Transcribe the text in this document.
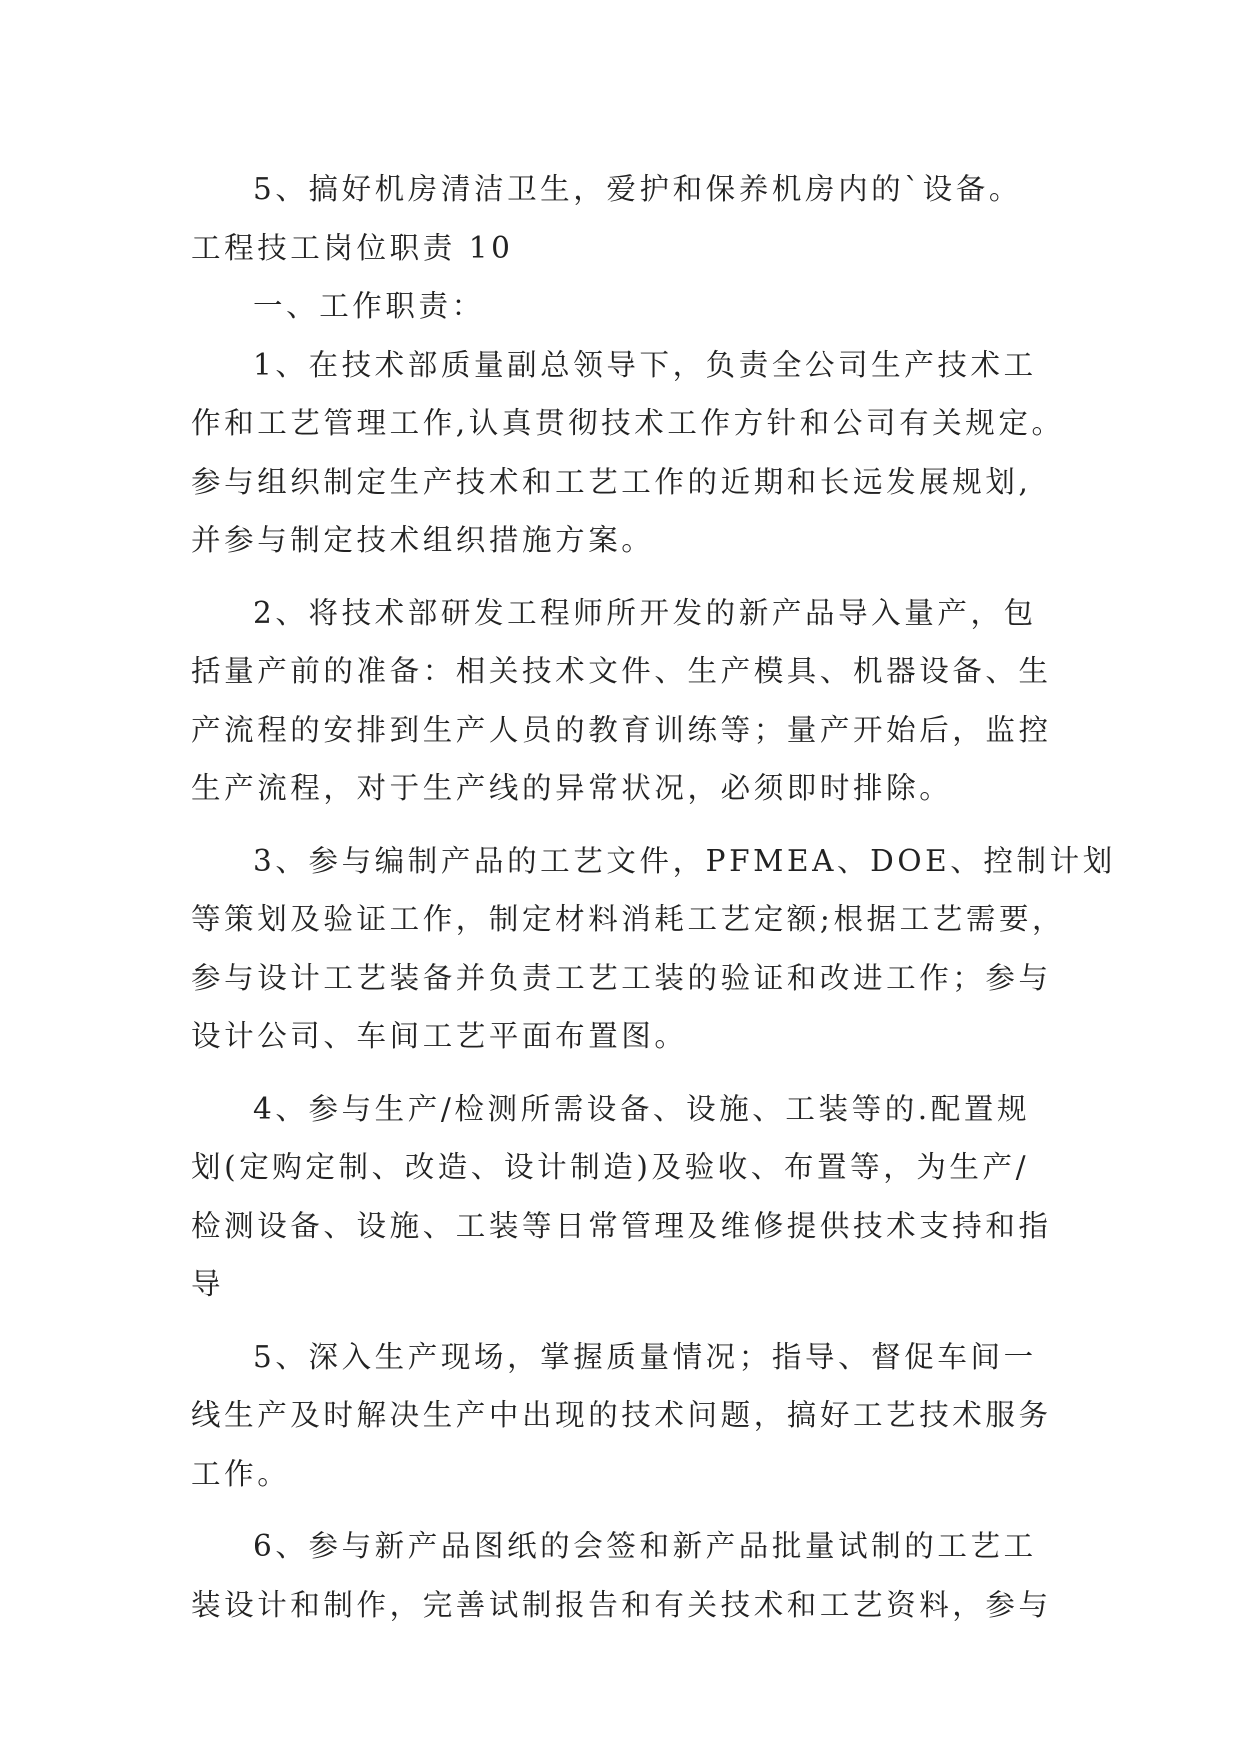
5、搞好机房清洁卫生，爱护和保养机房内的`设备。
工程技工岗位职责 10
一、工作职责：
1、在技术部质量副总领导下，负责全公司生产技术工
作和工艺管理工作,认真贯彻技术工作方针和公司有关规定。
参与组织制定生产技术和工艺工作的近期和长远发展规划,
并参与制定技术组织措施方案。
2、将技术部研发工程师所开发的新产品导入量产，包
括量产前的准备：相关技术文件、生产模具、机器设备、生
产流程的安排到生产人员的教育训练等；量产开始后，监控
生产流程，对于生产线的异常状况，必须即时排除。
3、参与编制产品的工艺文件，PFMEA、DOE、控制计划
等策划及验证工作，制定材料消耗工艺定额;根据工艺需要，
参与设计工艺装备并负责工艺工装的验证和改进工作；参与
设计公司、车间工艺平面布置图。
4、参与生产/检测所需设备、设施、工装等的.配置规
划(定购定制、改造、设计制造)及验收、布置等，为生产/
检测设备、设施、工装等日常管理及维修提供技术支持和指
导
5、深入生产现场，掌握质量情况；指导、督促车间一
线生产及时解决生产中出现的技术问题，搞好工艺技术服务
工作。
6、参与新产品图纸的会签和新产品批量试制的工艺工
装设计和制作，完善试制报告和有关技术和工艺资料，参与
